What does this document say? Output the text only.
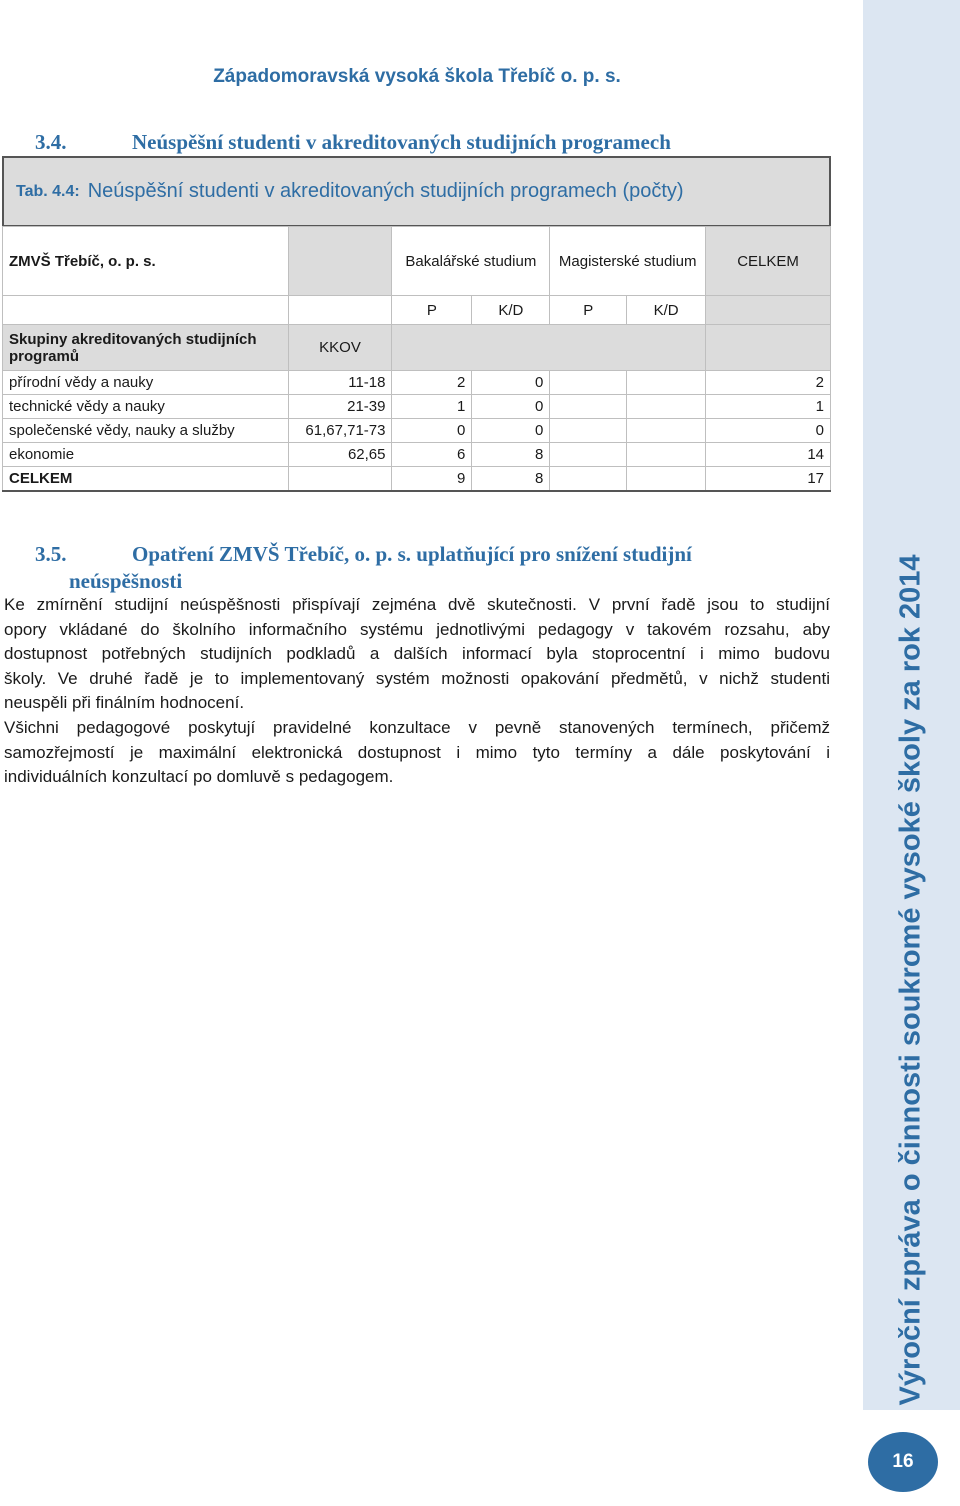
Západomoravská vysoká škola Třebíč o. p. s.
3.4.	Neúspěšní studenti v akreditovaných studijních programech
Tab. 4.4: Neúspěšní studenti v akreditovaných studijních programech (počty)
ZMVŠ Třebíč, o. p. s.		Bakalářské studium		Magisterské studium		CELKEM
		P	K/D	P	K/D	
Skupiny akreditovaných studijních programů	KKOV					
přírodní vědy a nauky	11-18	2	0			2
technické vědy a nauky	21-39	1	0			1
společenské vědy, nauky a služby	61,67,71-73	0	0			0
ekonomie	62,65	6	8			14
CELKEM		9	8			17
3.5.	Opatření ZMVŠ Třebíč, o. p. s. uplatňující pro snížení studijní
neúspěšnosti
Ke zmírnění studijní neúspěšnosti přispívají zejména dvě skutečnosti. V první řadě jsou to studijní
opory vkládané do školního informačního systému jednotlivými pedagogy v takovém rozsahu, aby
dostupnost potřebných studijních podkladů a dalších informací byla stoprocentní i mimo budovu
školy. Ve druhé řadě je to implementovaný systém možnosti opakování předmětů, v nichž studenti
neuspěli při finálním hodnocení.
Všichni pedagogové poskytují pravidelné konzultace v pevně stanovených termínech, přičemž
samozřejmostí je maximální elektronická dostupnost i mimo tyto termíny a dále poskytování i
individuálních konzultací po domluvě s pedagogem.	Výroční zpráva o činnosti soukromé vysoké školy za rok 2014
16
